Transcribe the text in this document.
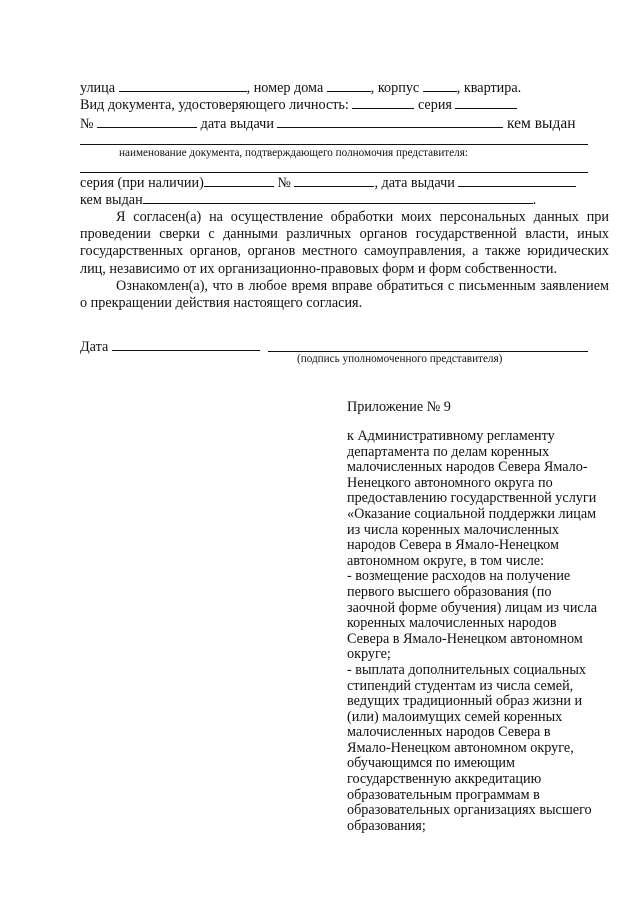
улица	, номер дома	, корпус	, квартира.
Вид документа, удостоверяющего личность:	серия
№	дата выдачи	кем выдан
наименование документа, подтверждающего полномочия представителя:
серия (при наличии)	№	, дата выдачи
кем выдан	.

Я согласен(а) на осуществление обработки моих персональных данных при проведении сверки с данными различных органов государственной власти, иных государственных органов, органов местного самоуправления, а также юридических лиц, независимо от их организационно-правовых форм и форм собственности.

Ознакомлен(а), что в любое время вправе обратиться с письменным заявлением о прекращении действия настоящего согласия.

Дата
(подпись уполномоченного представителя)
Приложение № 9
к Административному регламенту
департамента по делам коренных
малочисленных народов Севера Ямало-
Ненецкого автономного округа по
предоставлению государственной услуги
«Оказание социальной поддержки лицам
из числа коренных малочисленных
народов Севера в Ямало-Ненецком
автономном округе, в том числе:
- возмещение расходов на получение
первого высшего образования (по
заочной форме обучения) лицам из числа
коренных малочисленных народов
Севера в Ямало-Ненецком автономном
округе;
- выплата дополнительных социальных
стипендий студентам из числа семей,
ведущих традиционный образ жизни и
(или) малоимущих семей коренных
малочисленных народов Севера в
Ямало-Ненецком автономном округе,
обучающимся по имеющим
государственную аккредитацию
образовательным программам в
образовательных организациях высшего
образования;
